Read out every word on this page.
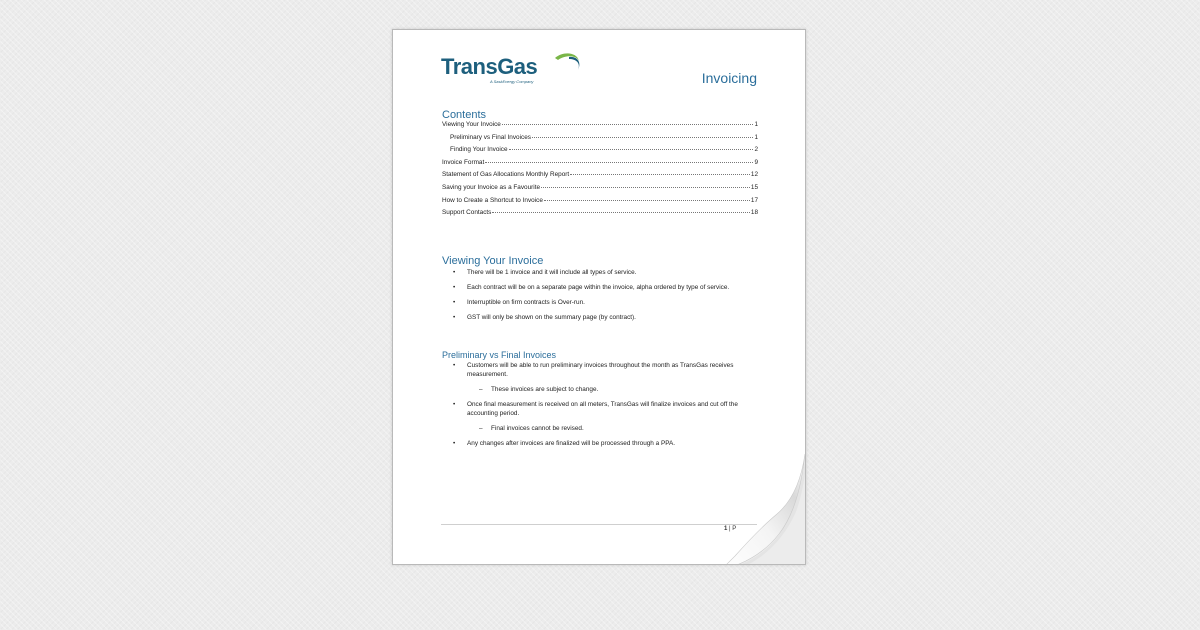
TransGas
A SaskEnergy Company	Invoicing
Contents
Viewing Your Invoice	1
Preliminary vs Final Invoices	1
Finding Your Invoice	2
Invoice Format	9
Statement of Gas Allocations Monthly Report	12
Saving your Invoice as a Favourite	15
How to Create a Shortcut to Invoice	17
Support Contacts	18
Viewing Your Invoice
• There will be 1 invoice and it will include all types of service.
• Each contract will be on a separate page within the invoice, alpha ordered by type of service.
• Interruptible on firm contracts is Over-run.
• GST will only be shown on the summary page (by contract).
Preliminary vs Final Invoices
• Customers will be able to run preliminary invoices throughout the month as TransGas receives measurement.
– These invoices are subject to change.
• Once final measurement is received on all meters, TransGas will finalize invoices and cut off the accounting period.
– Final invoices cannot be revised.
• Any changes after invoices are finalized will be processed through a PPA.
1 | P
